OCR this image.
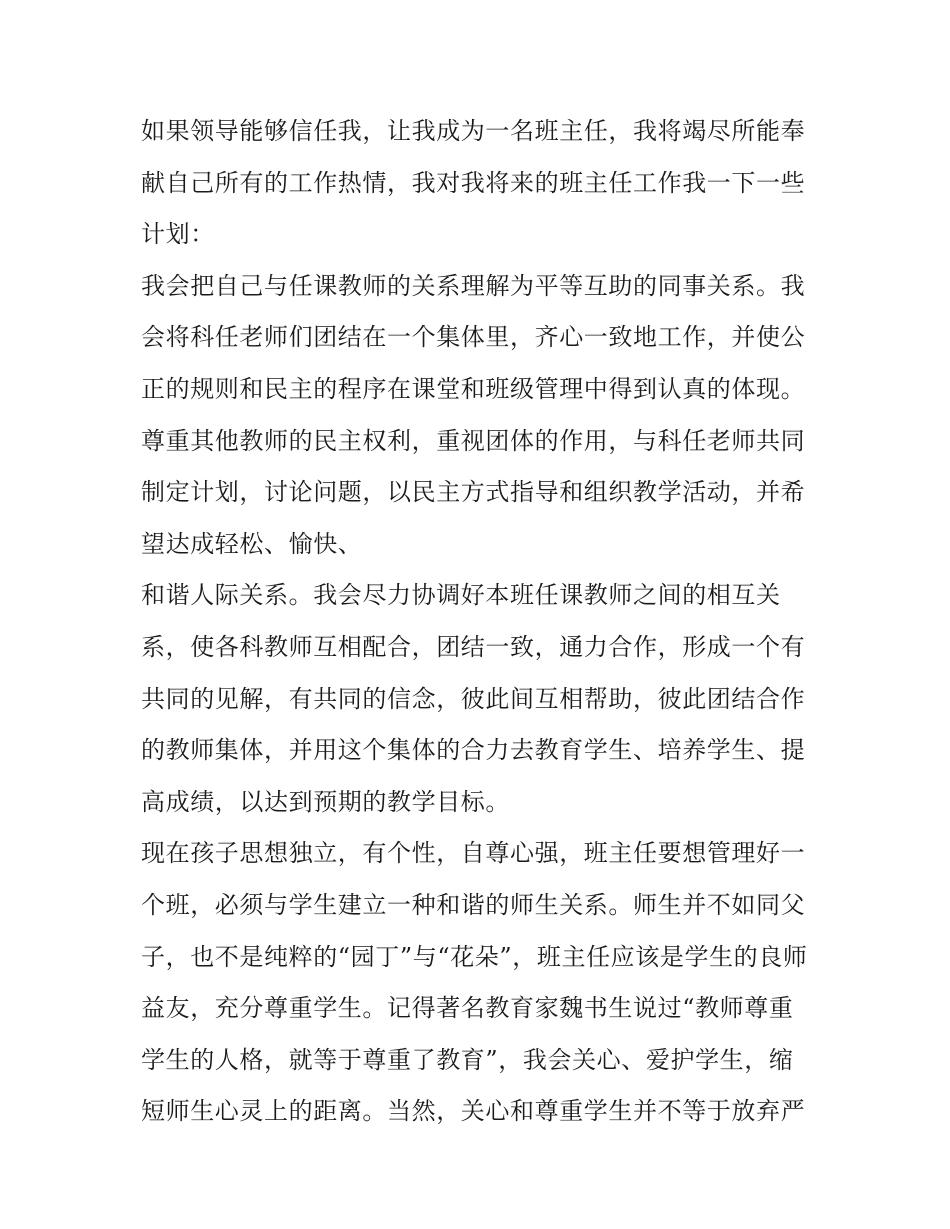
如果领导能够信任我，让我成为一名班主任，我将竭尽所能奉
献自己所有的工作热情，我对我将来的班主任工作我一下一些
计划：
我会把自己与任课教师的关系理解为平等互助的同事关系。我
会将科任老师们团结在一个集体里，齐心一致地工作，并使公
正的规则和民主的程序在课堂和班级管理中得到认真的体现。
尊重其他教师的民主权利，重视团体的作用，与科任老师共同
制定计划，讨论问题，以民主方式指导和组织教学活动，并希
望达成轻松、愉快、
和谐人际关系。我会尽力协调好本班任课教师之间的相互关
系，使各科教师互相配合，团结一致，通力合作，形成一个有
共同的见解，有共同的信念，彼此间互相帮助，彼此团结合作
的教师集体，并用这个集体的合力去教育学生、培养学生、提
高成绩，以达到预期的教学目标。
现在孩子思想独立，有个性，自尊心强，班主任要想管理好一
个班，必须与学生建立一种和谐的师生关系。师生并不如同父
子，也不是纯粹的“园丁”与“花朵”，班主任应该是学生的良师
益友，充分尊重学生。记得著名教育家魏书生说过“教师尊重
学生的人格，就等于尊重了教育”，我会关心、爱护学生，缩
短师生心灵上的距离。当然，关心和尊重学生并不等于放弃严
